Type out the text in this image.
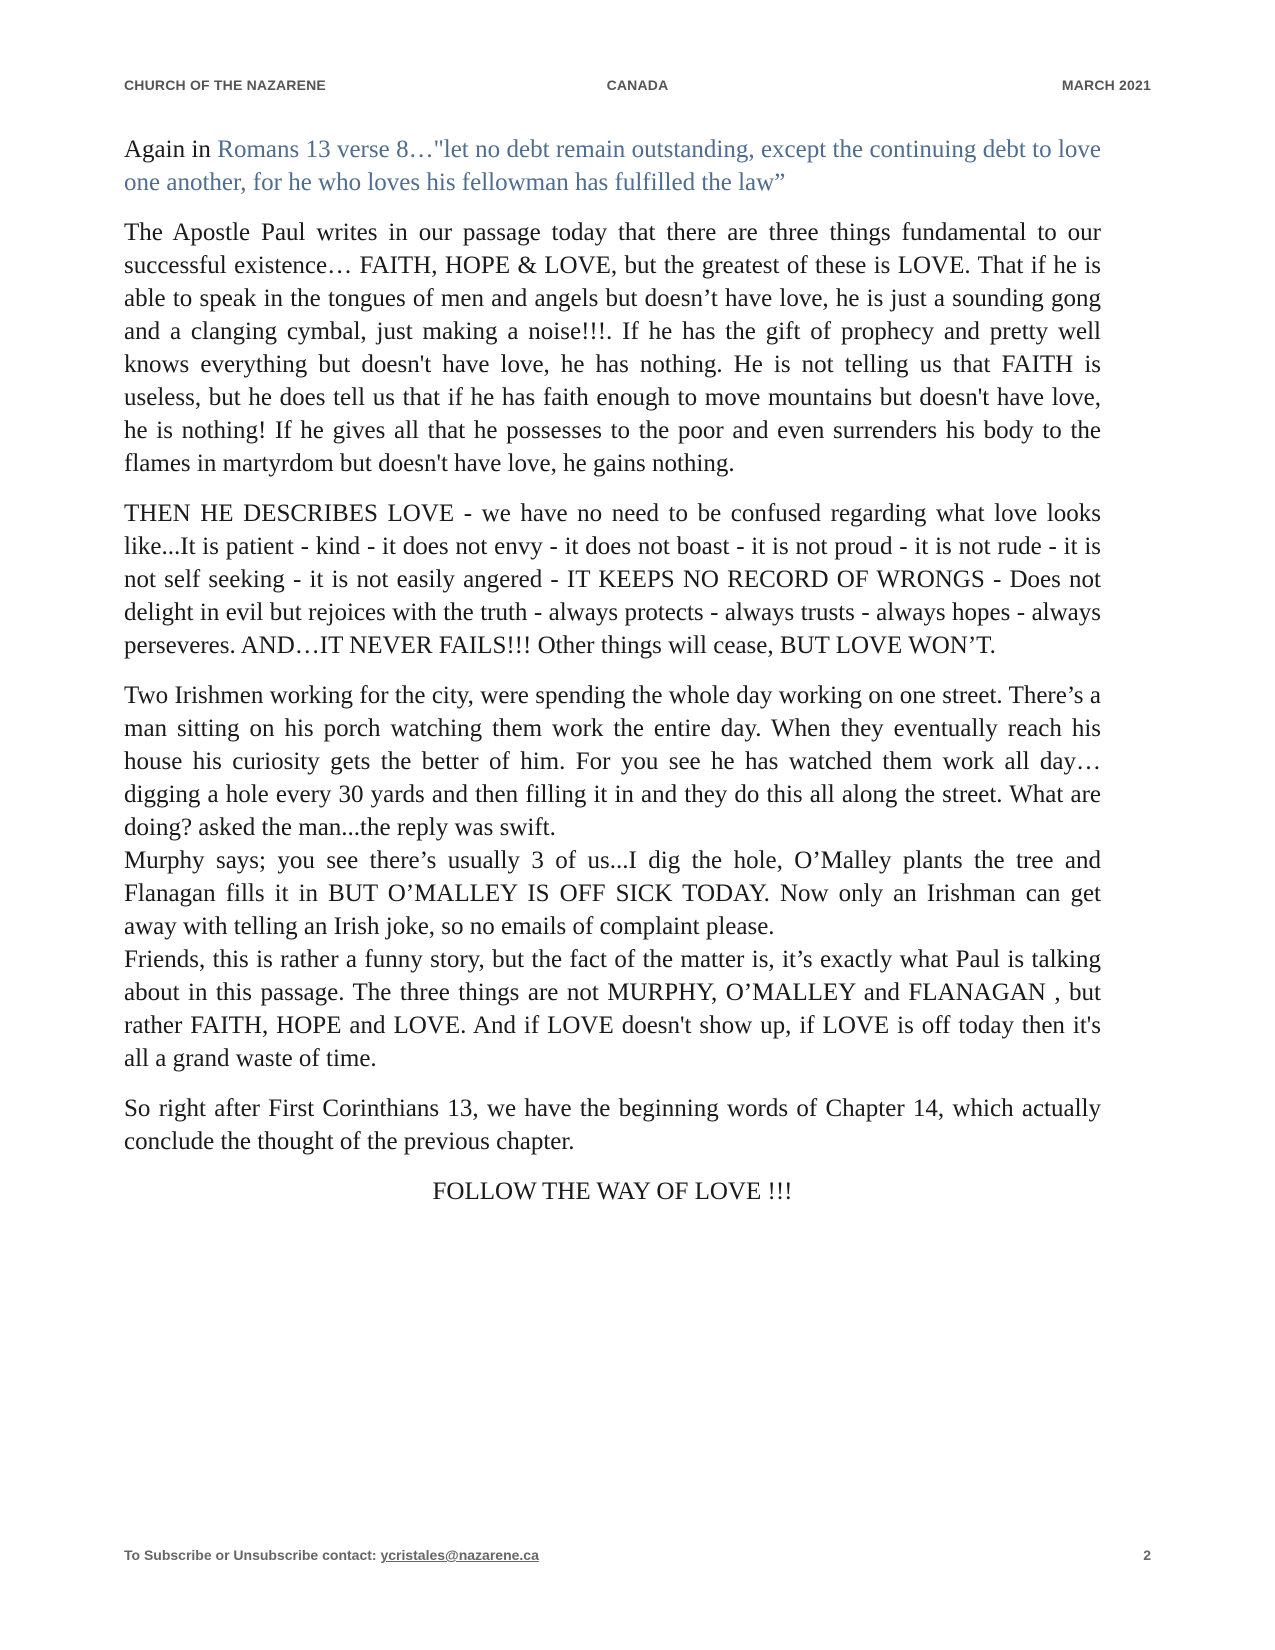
CHURCH OF THE NAZARENE	CANADA	MARCH 2021

Again in Romans 13 verse 8…"let no debt remain outstanding, except the continuing debt to love one another, for he who loves his fellowman has fulfilled the law”

The Apostle Paul writes in our passage today that there are three things fundamental to our successful existence… FAITH, HOPE & LOVE, but the greatest of these is LOVE. That if he is able to speak in the tongues of men and angels but doesn’t have love, he is just a sounding gong and a clanging cymbal, just making a noise!!!. If he has the gift of prophecy and pretty well knows everything but doesn't have love, he has nothing. He is not telling us that FAITH is useless, but he does tell us that if he has faith enough to move mountains but doesn't have love, he is nothing! If he gives all that he possesses to the poor and even surrenders his body to the flames in martyrdom but doesn't have love, he gains nothing.

THEN HE DESCRIBES LOVE - we have no need to be confused regarding what love looks like...It is patient - kind - it does not envy - it does not boast - it is not proud - it is not rude - it is not self seeking - it is not easily angered - IT KEEPS NO RECORD OF WRONGS - Does not delight in evil but rejoices with the truth - always protects - always trusts - always hopes - always perseveres. AND…IT NEVER FAILS!!! Other things will cease, BUT LOVE WON’T.

Two Irishmen working for the city, were spending the whole day working on one street. There’s a man sitting on his porch watching them work the entire day. When they eventually reach his house his curiosity gets the better of him. For you see he has watched them work all day…digging a hole every 30 yards and then filling it in and they do this all along the street. What are doing? asked the man...the reply was swift.

Murphy says; you see there’s usually 3 of us...I dig the hole, O’Malley plants the tree and Flanagan fills it in BUT O’MALLEY IS OFF SICK TODAY. Now only an Irishman can get away with telling an Irish joke, so no emails of complaint please.

Friends, this is rather a funny story, but the fact of the matter is, it’s exactly what Paul is talking about in this passage. The three things are not MURPHY, O’MALLEY and FLANAGAN , but rather FAITH, HOPE and LOVE. And if LOVE doesn't show up, if LOVE is off today then it's all a grand waste of time.

So right after First Corinthians 13, we have the beginning words of Chapter 14, which actually conclude the thought of the previous chapter.

FOLLOW THE WAY OF LOVE !!!

To Subscribe or Unsubscribe contact: ycristales@nazarene.ca	2
